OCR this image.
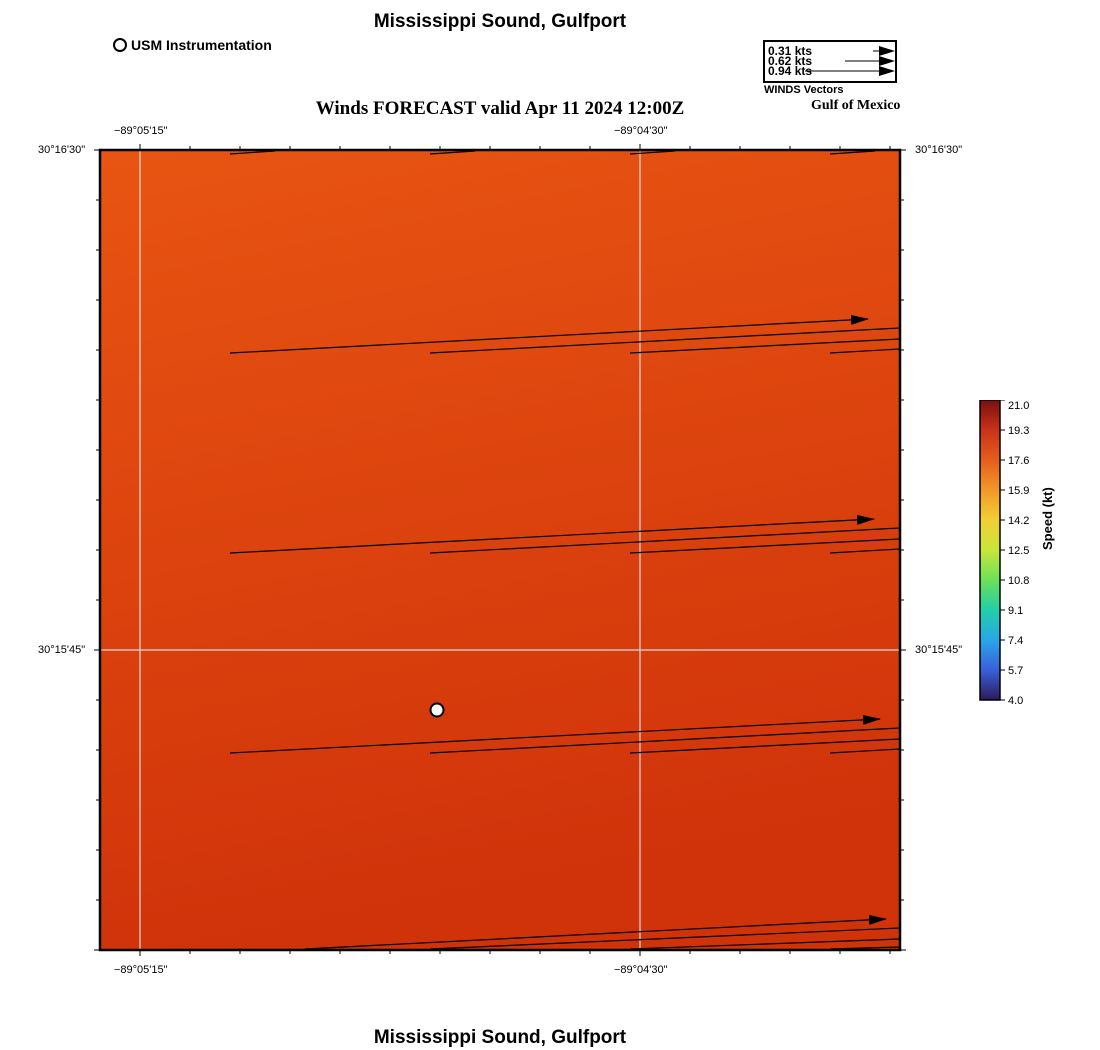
Mississippi Sound, Gulfport
USM Instrumentation	0.31 kts
0.62 kts
0.94 kts
WINDS Vectors
Winds FORECAST valid Apr 11 2024 12:00Z	Gulf of Mexico
−89°05'15"	−89°04'30"
−89°05'15"	−89°04'30"
30°16'30"
30°15'45"
30°16'30"
30°15'45"
21.0
19.3
17.6
15.9
14.2
12.5
10.8
9.1
7.4
5.7
4.0
Speed (kt)
Mississippi Sound, Gulfport
